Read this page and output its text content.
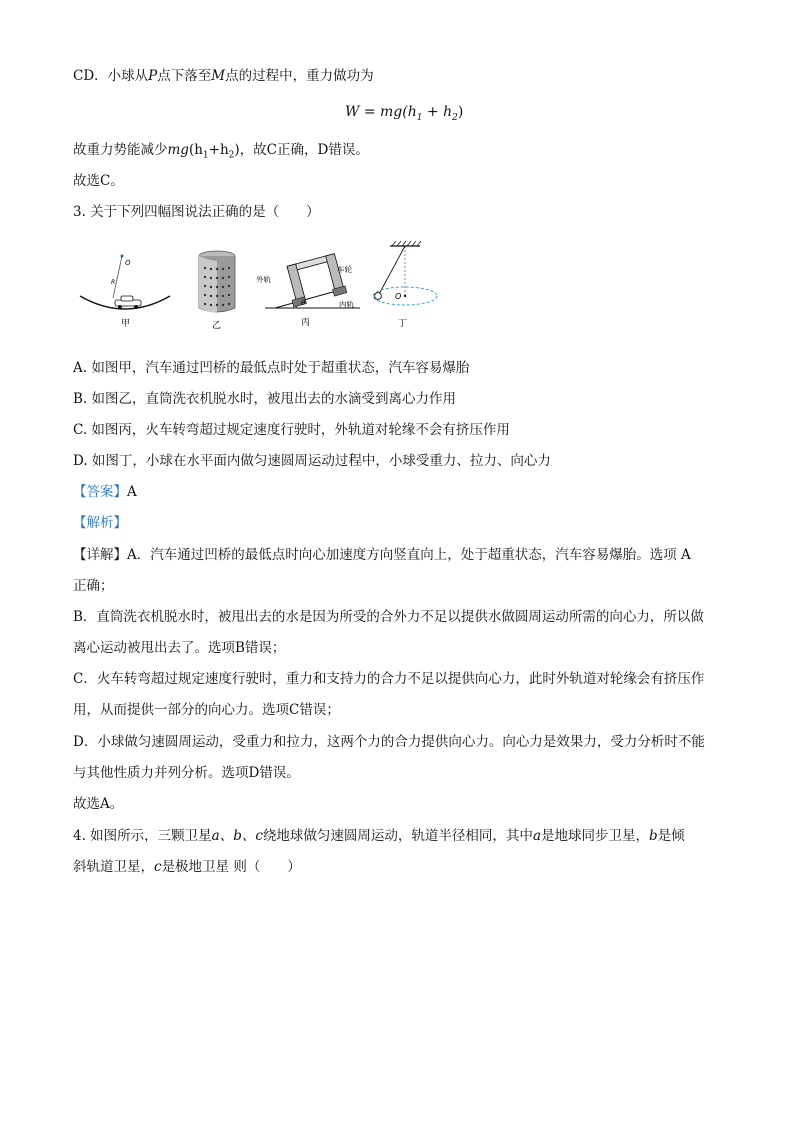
CD．小球从P点下落至M点的过程中，重力做功为
$W = mg(h_1 + h_2)$
故重力势能减少$mg(h_1+h_2)$，故C正确，D错误。
故选C。
3. 关于下列四幅图说法正确的是（　　）
O
R
甲	乙
外轨
车轮
内轨
θ
丙
O
丁
A. 如图甲，汽车通过凹桥的最低点时处于超重状态，汽车容易爆胎
B. 如图乙，直筒洗衣机脱水时，被甩出去的水滴受到离心力作用
C. 如图丙，火车转弯超过规定速度行驶时，外轨道对轮缘不会有挤压作用
D. 如图丁，小球在水平面内做匀速圆周运动过程中，小球受重力、拉力、向心力
【答案】A
【解析】
【详解】A．汽车通过凹桥的最低点时向心加速度方向竖直向上，处于超重状态，汽车容易爆胎。选项 A
正确；
B．直筒洗衣机脱水时，被甩出去的水是因为所受的合外力不足以提供水做圆周运动所需的向心力，所以做
离心运动被甩出去了。选项B错误；
C．火车转弯超过规定速度行驶时，重力和支持力的合力不足以提供向心力，此时外轨道对轮缘会有挤压作
用，从而提供一部分的向心力。选项C错误；
D．小球做匀速圆周运动，受重力和拉力，这两个力的合力提供向心力。向心力是效果力，受力分析时不能
与其他性质力并列分析。选项D错误。
故选A。
4. 如图所示，三颗卫星a、b、c绕地球做匀速圆周运动，轨道半径相同，其中a是地球同步卫星，b是倾
斜轨道卫星，c是极地卫星 则（　　）
